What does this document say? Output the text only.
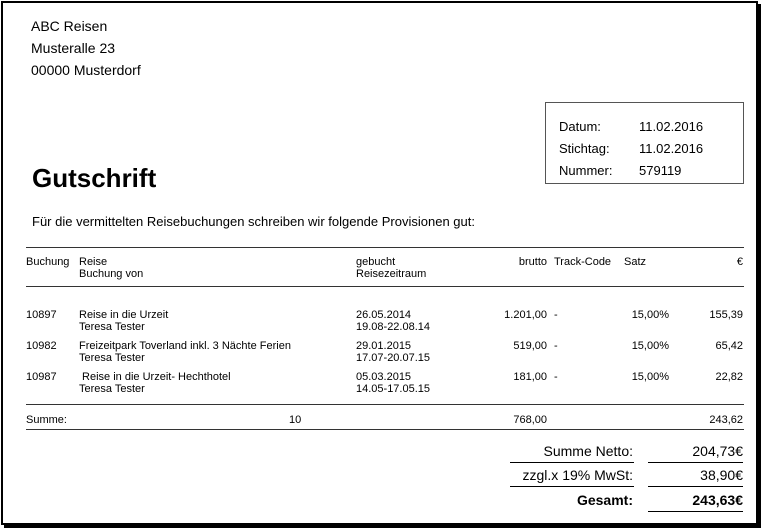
ABC Reisen
Musteralle 23
00000 Musterdorf
Datum:	11.02.2016
Stichtag:	11.02.2016
Nummer:	579119
Gutschrift
Für die vermittelten Reisebuchungen schreiben wir folgende Provisionen gut:
Buchung Reise
Buchung von
gebucht
Reisezeitraum
brutto Track-Code Satz	€
10897 Reise in die Urzeit
Teresa Tester
26.05.2014
19.08-22.08.14
1.201,00 -	15,00%	155,39
10982 Freizeitpark Toverland inkl. 3 Nächte Ferien
Teresa Tester
29.01.2015
17.07-20.07.15
519,00 -	15,00%	65,42
10987 Reise in die Urzeit- Hechthotel
Teresa Tester
05.03.2015
14.05-17.05.15
181,00 -	15,00%	22,82
Summe:	10	768,00	243,62
Summe Netto:	204,73€
zzgl.x 19% MwSt:	38,90€
Gesamt:	243,63€
